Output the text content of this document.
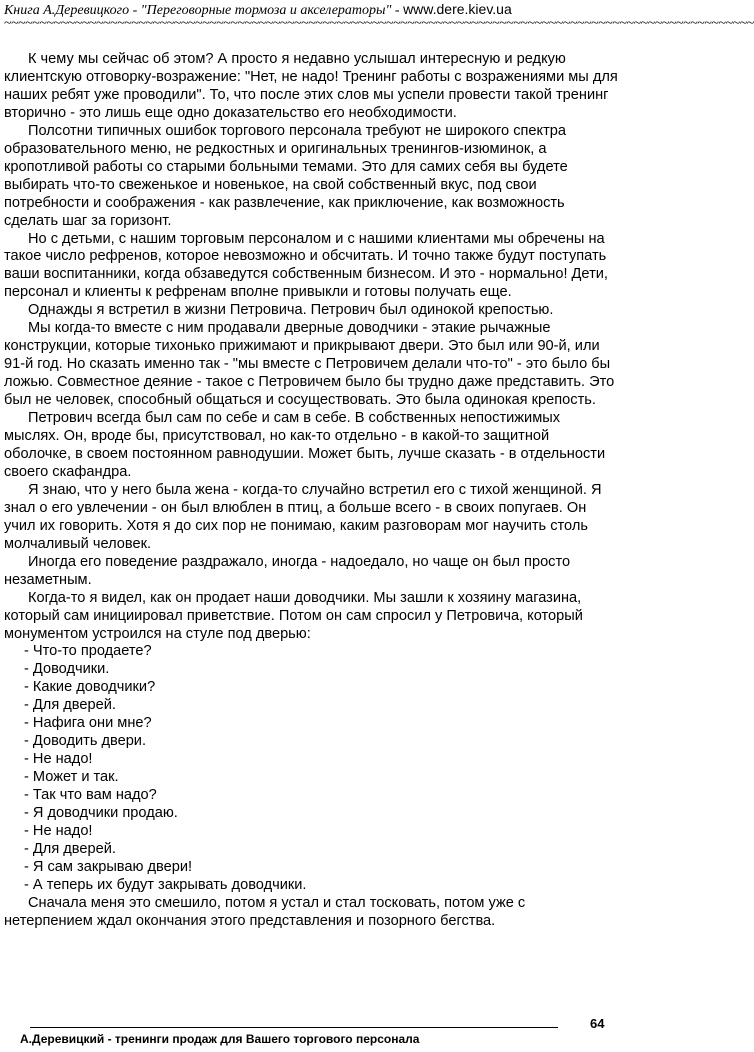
Книга А.Деревицкого - "Переговорные тормоза и акселераторы" - www.dere.kiev.ua
~~~~~~~~~~~~~~~~~~~~~~~~~~~~~~~~~~~~~~~~~~~~~~~~~~~~~~~~~~~~~~~~~~~~~~~~~~~~~~~~~~~~~~~~~~~~~~~~~~~~~~~~~~

К чему мы сейчас об этом? А просто я недавно услышал интересную и редкую клиентскую отговорку-возражение: "Нет, не надо! Тренинг работы с возражениями мы для наших ребят уже проводили". То, что после этих слов мы успели провести такой тренинг вторично - это лишь еще одно доказательство его необходимости.

Полсотни типичных ошибок торгового персонала требуют не широкого спектра образовательного меню, не редкостных и оригинальных тренингов-изюминок, а кропотливой работы со старыми больными темами. Это для самих себя вы будете выбирать что-то свеженькое и новенькое, на свой собственный вкус, под свои потребности и соображения - как развлечение, как приключение, как возможность сделать шаг за горизонт.

Но с детьми, с нашим торговым персоналом и с нашими клиентами мы обречены на такое число рефренов, которое невозможно и обсчитать. И точно также будут поступать ваши воспитанники, когда обзаведутся собственным бизнесом. И это - нормально! Дети, персонал и клиенты к рефренам вполне привыкли и готовы получать еще.

Однажды я встретил в жизни Петровича. Петрович был одинокой крепостью.

Мы когда-то вместе с ним продавали дверные доводчики - этакие рычажные конструкции, которые тихонько прижимают и прикрывают двери. Это был или 90-й, или 91-й год. Но сказать именно так - "мы вместе с Петровичем делали что-то" - это было бы ложью. Совместное деяние - такое с Петровичем было бы трудно даже представить. Это был не человек, способный общаться и сосуществовать. Это была одинокая крепость.

Петрович всегда был сам по себе и сам в себе. В собственных непостижимых мыслях. Он, вроде бы, присутствовал, но как-то отдельно - в какой-то защитной оболочке, в своем постоянном равнодушии. Может быть, лучше сказать - в отдельности своего скафандра.

Я знаю, что у него была жена - когда-то случайно встретил его с тихой женщиной. Я знал о его увлечении - он был влюблен в птиц, а больше всего - в своих попугаев. Он учил их говорить. Хотя я до сих пор не понимаю, каким разговорам мог научить столь молчаливый человек.

Иногда его поведение раздражало, иногда - надоедало, но чаще он был просто незаметным.

Когда-то я видел, как он продает наши доводчики. Мы зашли к хозяину магазина, который сам инициировал приветствие. Потом он сам спросил у Петровича, который монументом устроился на стуле под дверью:

- Что-то продаете?

- Доводчики.

- Какие доводчики?

- Для дверей.

- Нафига они мне?

- Доводить двери.

- Не надо!

- Может и так.

- Так что вам надо?

- Я доводчики продаю.

- Не надо!

- Для дверей.

- Я сам закрываю двери!

- А теперь их будут закрывать доводчики.

Сначала меня это смешило, потом я устал и стал тосковать, потом уже с нетерпением ждал окончания этого представления и позорного бегства.

64
А.Деревицкий - тренинги продаж для Вашего торгового персонала
